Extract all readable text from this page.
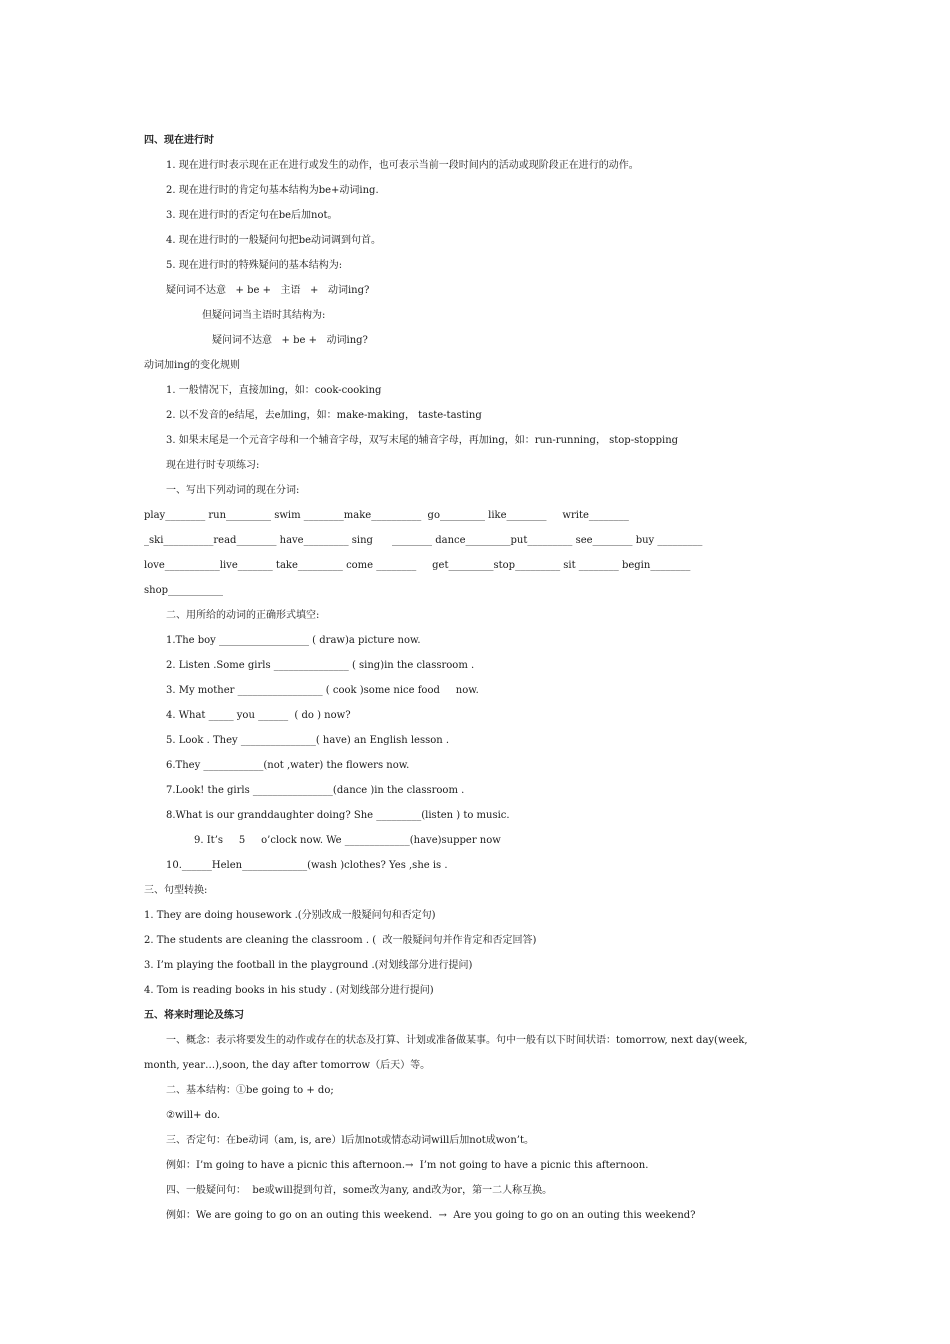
四、现在进行时
1. 现在进行时表示现在正在进行或发生的动作，也可表示当前一段时间内的活动或现阶段正在进行的动作。
2. 现在进行时的肯定句基本结构为be+动词ing.
3. 现在进行时的否定句在be后加not。
4. 现在进行时的一般疑问句把be动词调到句首。
5. 现在进行时的特殊疑问的基本结构为:
疑问词不达意   + be +   主语   +   动词ing?
但疑问词当主语时其结构为:
疑问词不达意   + be +   动词ing?
动词加ing的变化规则
1. 一般情况下，直接加ing，如：cook-cooking
2. 以不发音的e结尾，去e加ing，如：make-making， taste-tasting
3. 如果末尾是一个元音字母和一个辅音字母，双写末尾的辅音字母，再加ing，如：run-running， stop-stopping
现在进行时专项练习:
一、写出下列动词的现在分词:
play________ run_________ swim ________make__________  go_________ like________     write________
_ski__________read________ have_________ sing      ________ dance_________put_________ see________ buy _________
love___________live_______ take_________ come ________     get_________stop_________ sit ________ begin________
shop___________
二、用所给的动词的正确形式填空:
1.The boy __________________ ( draw)a picture now.
2. Listen .Some girls _______________ ( sing)in the classroom .
3. My mother _________________ ( cook )some nice food     now.
4. What _____ you ______  ( do ) now?
5. Look . They _______________( have) an English lesson .
6.They ____________(not ,water) the flowers now.
7.Look! the girls ________________(dance )in the classroom .
8.What is our granddaughter doing? She _________(listen ) to music.
9. It’s     5     o’clock now. We _____________(have)supper now
10.______Helen_____________(wash )clothes? Yes ,she is .
三、句型转换:
1. They are doing housework .(分别改成一般疑问句和否定句)
2. The students are cleaning the classroom . (  改一般疑问句并作肯定和否定回答)
3. I’m playing the football in the playground .(对划线部分进行提问)
4. Tom is reading books in his study . (对划线部分进行提问)
五、将来时理论及练习
一、概念：表示将要发生的动作或存在的状态及打算、计划或准备做某事。句中一般有以下时间状语：tomorrow, next day(week,
month, year…),soon, the day after tomorrow（后天）等。
二、基本结构：①be going to + do;
②will+ do.
三、否定句：在be动词（am, is, are）l后加not或情态动词will后加not成won’t。
例如：I’m going to have a picnic this afternoon.→  I’m not going to have a picnic this afternoon.
四、一般疑问句：  be或will提到句首，some改为any, and改为or，第一二人称互换。
例如：We are going to go on an outing this weekend.  →  Are you going to go on an outing this weekend?
